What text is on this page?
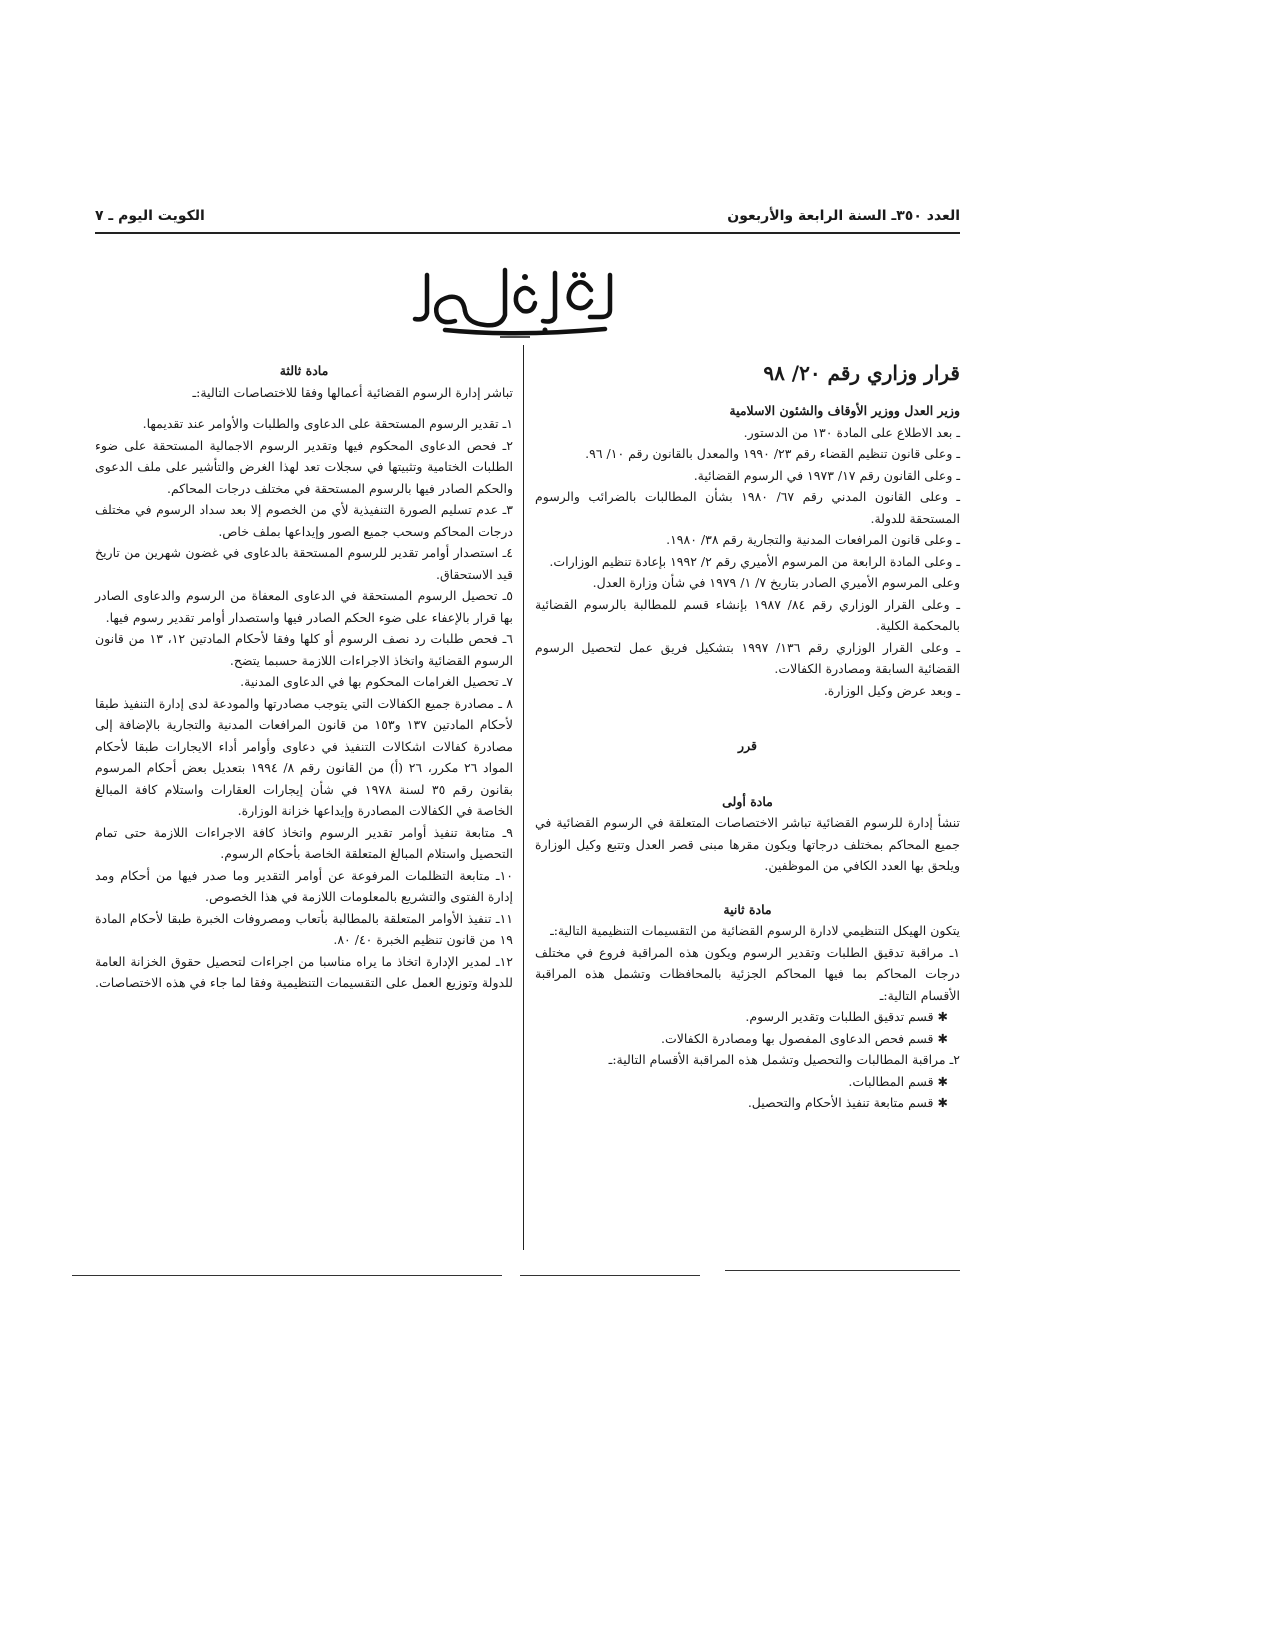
العدد ٣٥٠ـ السنة الرابعة والأربعون
الكويت اليوم ـ ٧

قرار وزاري رقم ٢٠/ ٩٨

وزير العدل ووزير الأوقاف والشئون الاسلامية

ـ بعد الاطلاع على المادة ١٣٠ من الدستور.

ـ وعلى قانون تنظيم القضاء رقم ٢٣/ ١٩٩٠ والمعدل بالقانون رقم ١٠/ ٩٦.

ـ وعلى القانون رقم ١٧/ ١٩٧٣ في الرسوم القضائية.

ـ وعلى القانون المدني رقم ٦٧/ ١٩٨٠ بشأن المطالبات بالضرائب والرسوم المستحقة للدولة.

ـ وعلى قانون المرافعات المدنية والتجارية رقم ٣٨/ ١٩٨٠.

ـ وعلى المادة الرابعة من المرسوم الأميري رقم ٢/ ١٩٩٢ بإعادة تنظيم الوزارات.

وعلى المرسوم الأميري الصادر بتاريخ ٧/ ١/ ١٩٧٩ في شأن وزارة العدل.

ـ وعلى القرار الوزاري رقم ٨٤/ ١٩٨٧ بإنشاء قسم للمطالبة بالرسوم القضائية بالمحكمة الكلية.

ـ وعلى القرار الوزاري رقم ١٣٦/ ١٩٩٧ بتشكيل فريق عمل لتحصيل الرسوم القضائية السابقة ومصادرة الكفالات.

ـ وبعد عرض وكيل الوزارة.

قرر

مادة أولى

تنشأ إدارة للرسوم القضائية تباشر الاختصاصات المتعلقة في الرسوم القضائية في جميع المحاكم بمختلف درجاتها ويكون مقرها مبنى قصر العدل وتتبع وكيل الوزارة ويلحق بها العدد الكافي من الموظفين.

مادة ثانية

يتكون الهيكل التنظيمي لادارة الرسوم القضائية من التقسيمات التنظيمية التالية:ـ

١ـ مراقبة تدقيق الطلبات وتقدير الرسوم ويكون هذه المراقبة فروع في مختلف درجات المحاكم بما فيها المحاكم الجزئية بالمحافظات وتشمل هذه المراقبة الأقسام التالية:ـ

✱ قسم تدقيق الطلبات وتقدير الرسوم.

✱ قسم فحص الدعاوى المفصول بها ومصادرة الكفالات.

٢ـ مراقبة المطالبات والتحصيل وتشمل هذه المراقبة الأقسام التالية:ـ

✱ قسم المطالبات.

✱ قسم متابعة تنفيذ الأحكام والتحصيل.

مادة ثالثة

تباشر إدارة الرسوم القضائية أعمالها وفقا للاختصاصات التالية:ـ

١ـ تقدير الرسوم المستحقة على الدعاوى والطلبات والأوامر عند تقديمها.

٢ـ فحص الدعاوى المحكوم فيها وتقدير الرسوم الاجمالية المستحقة على ضوء الطلبات الختامية وتثبيتها في سجلات تعد لهذا الغرض والتأشير على ملف الدعوى والحكم الصادر فيها بالرسوم المستحقة في مختلف درجات المحاكم.

٣ـ عدم تسليم الصورة التنفيذية لأي من الخصوم إلا بعد سداد الرسوم في مختلف درجات المحاكم وسحب جميع الصور وإيداعها بملف خاص.

٤ـ استصدار أوامر تقدير للرسوم المستحقة بالدعاوى في غضون شهرين من تاريخ قيد الاستحقاق.

٥ـ تحصيل الرسوم المستحقة في الدعاوى المعفاة من الرسوم والدعاوى الصادر بها قرار بالإعفاء على ضوء الحكم الصادر فيها واستصدار أوامر تقدير رسوم فيها.

٦ـ فحص طلبات رد نصف الرسوم أو كلها وفقا لأحكام المادتين ١٢، ١٣ من قانون الرسوم القضائية واتخاذ الاجراءات اللازمة حسبما يتضح.

٧ـ تحصيل الغرامات المحكوم بها في الدعاوى المدنية.

٨ ـ مصادرة جميع الكفالات التي يتوجب مصادرتها والمودعة لدى إدارة التنفيذ طبقا لأحكام المادتين ١٣٧ و١٥٣ من قانون المرافعات المدنية والتجارية بالإضافة إلى مصادرة كفالات اشكالات التنفيذ في دعاوى وأوامر أداء الايجارات طبقا لأحكام المواد ٢٦ مكرر، ٢٦ (أ) من القانون رقم ٨/ ١٩٩٤ بتعديل بعض أحكام المرسوم بقانون رقم ٣٥ لسنة ١٩٧٨ في شأن إيجارات العقارات واستلام كافة المبالغ الخاصة في الكفالات المصادرة وإيداعها خزانة الوزارة.

٩ـ متابعة تنفيذ أوامر تقدير الرسوم واتخاذ كافة الاجراءات اللازمة حتى تمام التحصيل واستلام المبالغ المتعلقة الخاصة بأحكام الرسوم.

١٠ـ متابعة التظلمات المرفوعة عن أوامر التقدير وما صدر فيها من أحكام ومد إدارة الفتوى والتشريع بالمعلومات اللازمة في هذا الخصوص.

١١ـ تنفيذ الأوامر المتعلقة بالمطالبة بأتعاب ومصروفات الخبرة طبقا لأحكام المادة ١٩ من قانون تنظيم الخبرة ٤٠/ ٨٠.

١٢ـ لمدير الإدارة اتخاذ ما يراه مناسبا من اجراءات لتحصيل حقوق الخزانة العامة للدولة وتوزيع العمل على التقسيمات التنظيمية وفقا لما جاء في هذه الاختصاصات.
